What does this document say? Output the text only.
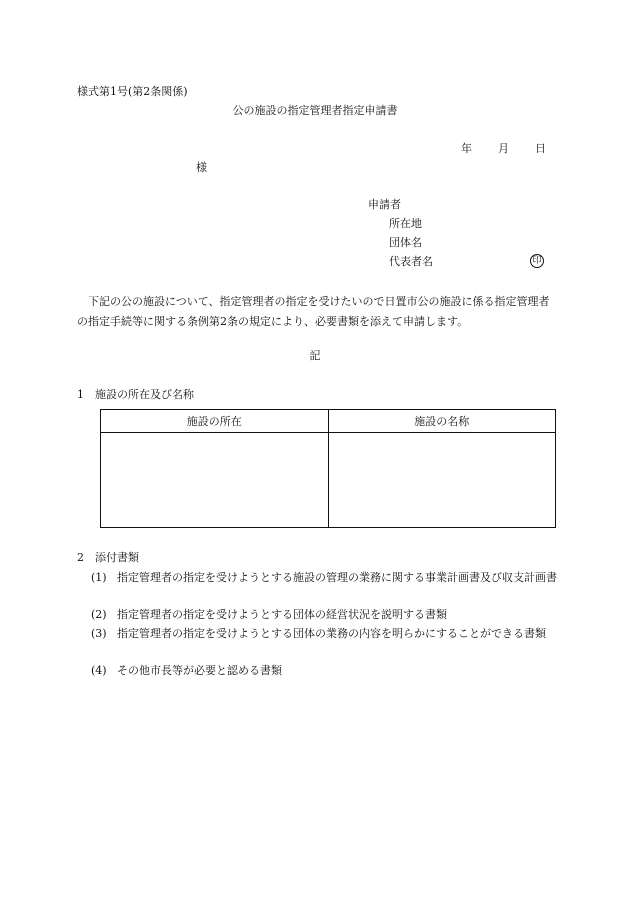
様式第1号(第2条関係)
公の施設の指定管理者指定申請書
年 月 日
様
申請者
所在地
団体名
代表者名	印
下記の公の施設について、指定管理者の指定を受けたいので日置市公の施設に係る指定管理者の指定手続等に関する条例第2条の規定により、必要書類を添えて申請します。
記
1　施設の所在及び名称
施設の所在	施設の名称

2　添付書類
(1) 指定管理者の指定を受けようとする施設の管理の業務に関する事業計画書及び収支計画書
(2) 指定管理者の指定を受けようとする団体の経営状況を説明する書類
(3) 指定管理者の指定を受けようとする団体の業務の内容を明らかにすることができる書類
(4) その他市長等が必要と認める書類
